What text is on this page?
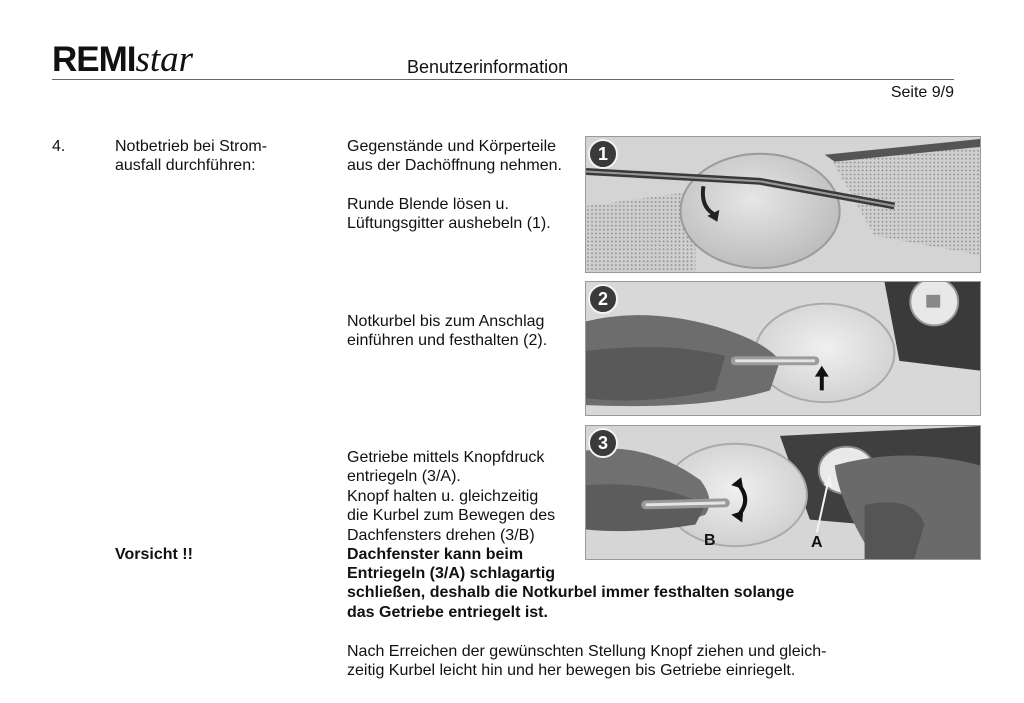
REMIstar	Benutzerinformation
Seite 9/9
4.	Notbetrieb bei Strom-
ausfall durchführen:
Vorsicht !!
Gegenstände und Körperteile
aus der Dachöffnung nehmen.
Runde Blende lösen u.
Lüftungsgitter aushebeln (1).
Notkurbel bis zum Anschlag
einführen und festhalten (2).
Getriebe mittels Knopfdruck
entriegeln (3/A).
Knopf halten u. gleichzeitig
die Kurbel zum Bewegen des
Dachfensters drehen (3/B)
Dachfenster kann beim
Entriegeln (3/A) schlagartig
schließen, deshalb die Notkurbel immer festhalten solange
das Getriebe entriegelt ist.
Nach Erreichen der gewünschten Stellung Knopf ziehen und gleich-
zeitig Kurbel leicht hin und her bewegen bis Getriebe einriegelt.
1
2
3
B	A
